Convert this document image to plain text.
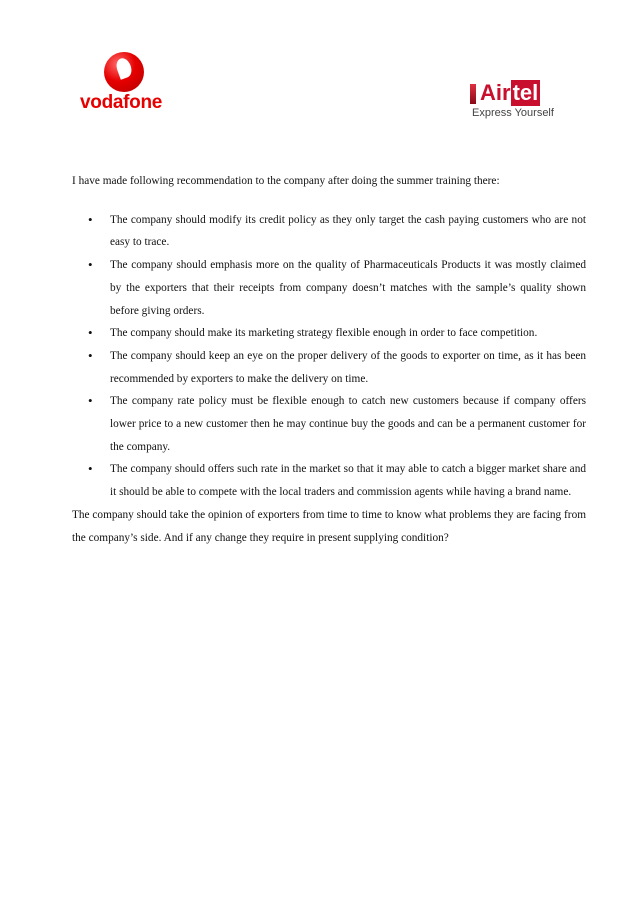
vodafone	Airtel
Express Yourself

I have made following recommendation to the company after doing the summer training there:

• The company should modify its credit policy as they only target the cash paying customers who are not easy to trace.
• The company should emphasis more on the quality of Pharmaceuticals Products it was mostly claimed by the exporters that their receipts from company doesn’t matches with the sample’s quality shown before giving orders.
• The company should make its marketing strategy flexible enough in order to face competition.
• The company should keep an eye on the proper delivery of the goods to exporter on time, as it has been recommended by exporters to make the delivery on time.
• The company rate policy must be flexible enough to catch new customers because if company offers lower price to a new customer then he may continue buy the goods and can be a permanent customer for the company.
• The company should offers such rate in the market so that it may able to catch a bigger market share and it should be able to compete with the local traders and commission agents while having a brand name.

The company should take the opinion of exporters from time to time to know what problems they are facing from the company’s side. And if any change they require in present supplying condition?
